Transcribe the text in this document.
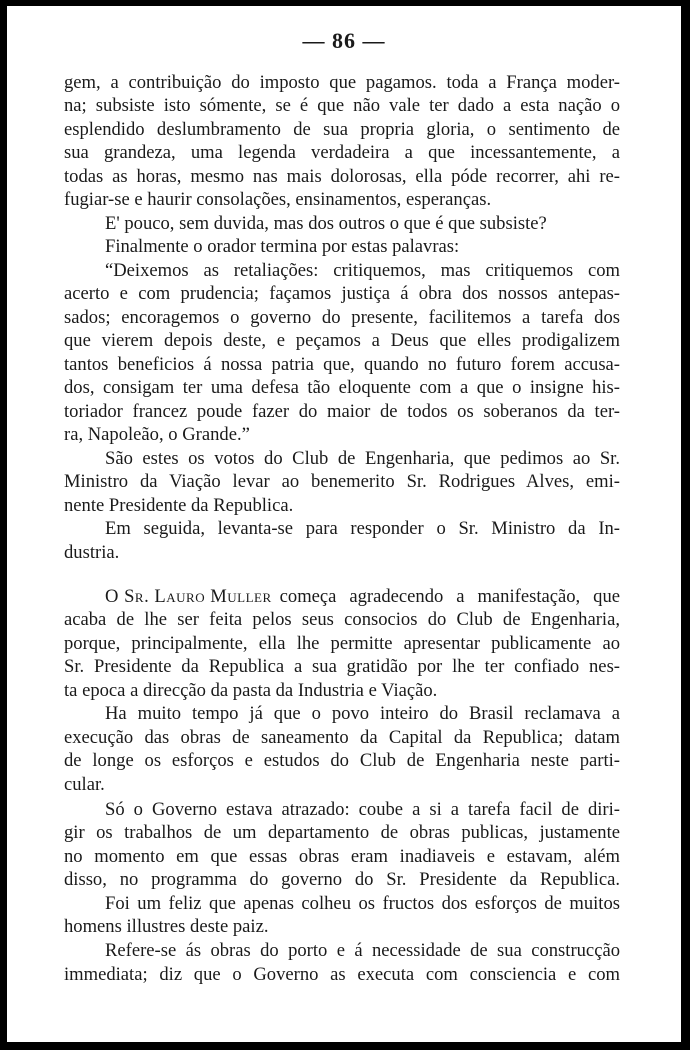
— 86 —
gem, a contribuição do imposto que pagamos. toda a França moder-
na; subsiste isto sómente, se é que não vale ter dado a esta nação o
esplendido deslumbramento de sua propria gloria, o sentimento de
sua grandeza, uma legenda verdadeira a que incessantemente, a
todas as horas, mesmo nas mais dolorosas, ella póde recorrer, ahi re-
fugiar-se e haurir consolações, ensinamentos, esperanças.
E' pouco, sem duvida, mas dos outros o que é que subsiste?
Finalmente o orador termina por estas palavras:
“Deixemos as retaliações: critiquemos, mas critiquemos com
acerto e com prudencia; façamos justiça á obra dos nossos antepas-
sados; encoragemos o governo do presente, facilitemos a tarefa dos
que vierem depois deste, e peçamos a Deus que elles prodigalizem
tantos beneficios á nossa patria que, quando no futuro forem accusa-
dos, consigam ter uma defesa tão eloquente com a que o insigne his-
toriador francez poude fazer do maior de todos os soberanos da ter-
ra, Napoleão, o Grande.”
São estes os votos do Club de Engenharia, que pedimos ao Sr.
Ministro da Viação levar ao benemerito Sr. Rodrigues Alves, emi-
nente Presidente da Republica.
Em seguida, levanta-se para responder o Sr. Ministro da In-
dustria.
O Sr. Lauro Muller começa agradecendo a manifestação, que
acaba de lhe ser feita pelos seus consocios do Club de Engenharia,
porque, principalmente, ella lhe permitte apresentar publicamente ao
Sr. Presidente da Republica a sua gratidão por lhe ter confiado nes-
ta epoca a direcção da pasta da Industria e Viação.
Ha muito tempo já que o povo inteiro do Brasil reclamava a
execução das obras de saneamento da Capital da Republica; datam
de longe os esforços e estudos do Club de Engenharia neste parti-
cular.
Só o Governo estava atrazado: coube a si a tarefa facil de diri-
gir os trabalhos de um departamento de obras publicas, justamente
no momento em que essas obras eram inadiaveis e estavam, além
disso, no programma do governo do Sr. Presidente da Republica.
Foi um feliz que apenas colheu os fructos dos esforços de muitos
homens illustres deste paiz.
Refere-se ás obras do porto e á necessidade de sua construcção
immediata; diz que o Governo as executa com consciencia e com
